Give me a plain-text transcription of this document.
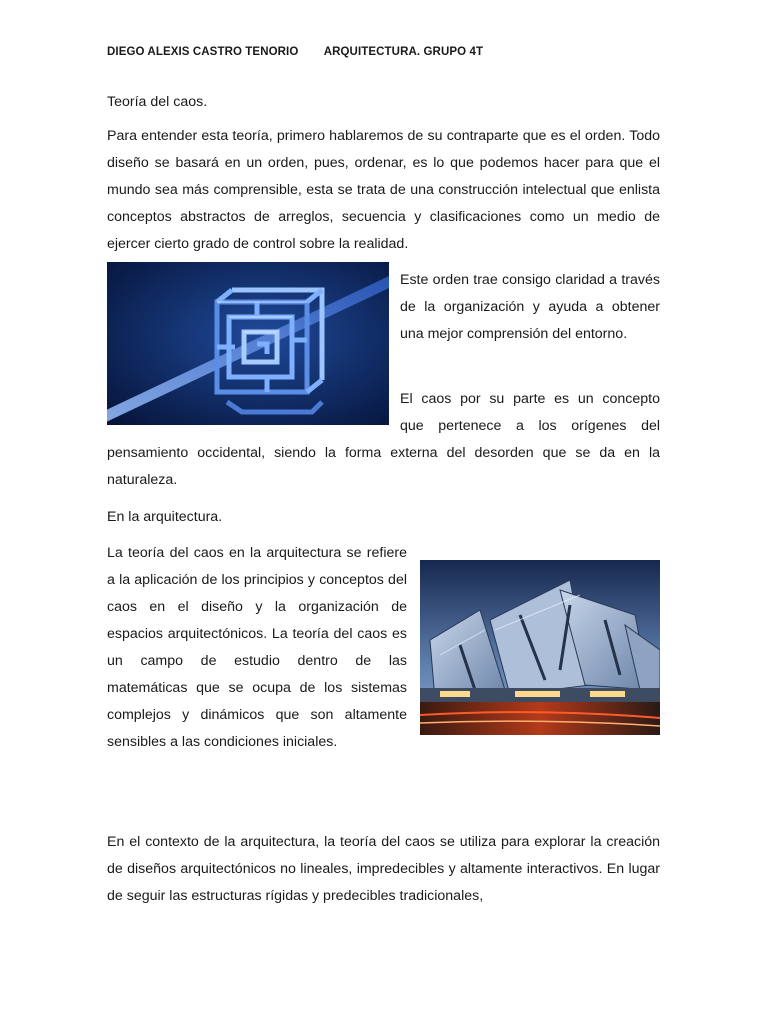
DIEGO ALEXIS CASTRO TENORIO ARQUITECTURA. GRUPO 4T

Teoría del caos.

Para entender esta teoría, primero hablaremos de su contraparte que es el orden. Todo diseño se basará en un orden, pues, ordenar, es lo que podemos hacer para que el mundo sea más comprensible, esta se trata de una construcción intelectual que enlista conceptos abstractos de arreglos, secuencia y clasificaciones como un medio de ejercer cierto grado de control sobre la realidad.

Este orden trae consigo claridad a través de la organización y ayuda a obtener una mejor comprensión del entorno.

El caos por su parte es un concepto

que pertenece a los orígenes del

pensamiento occidental, siendo la forma externa del desorden que se da en la naturaleza.

En la arquitectura.

La teoría del caos en la arquitectura se refiere a la aplicación de los principios y conceptos del caos en el diseño y la organización de espacios arquitectónicos. La teoría del caos es un campo de estudio dentro de las matemáticas que se ocupa de los sistemas complejos y dinámicos que son altamente sensibles a las condiciones iniciales.

En el contexto de la arquitectura, la teoría del caos se utiliza para explorar la creación de diseños arquitectónicos no lineales, impredecibles y altamente interactivos. En lugar de seguir las estructuras rígidas y predecibles tradicionales,
